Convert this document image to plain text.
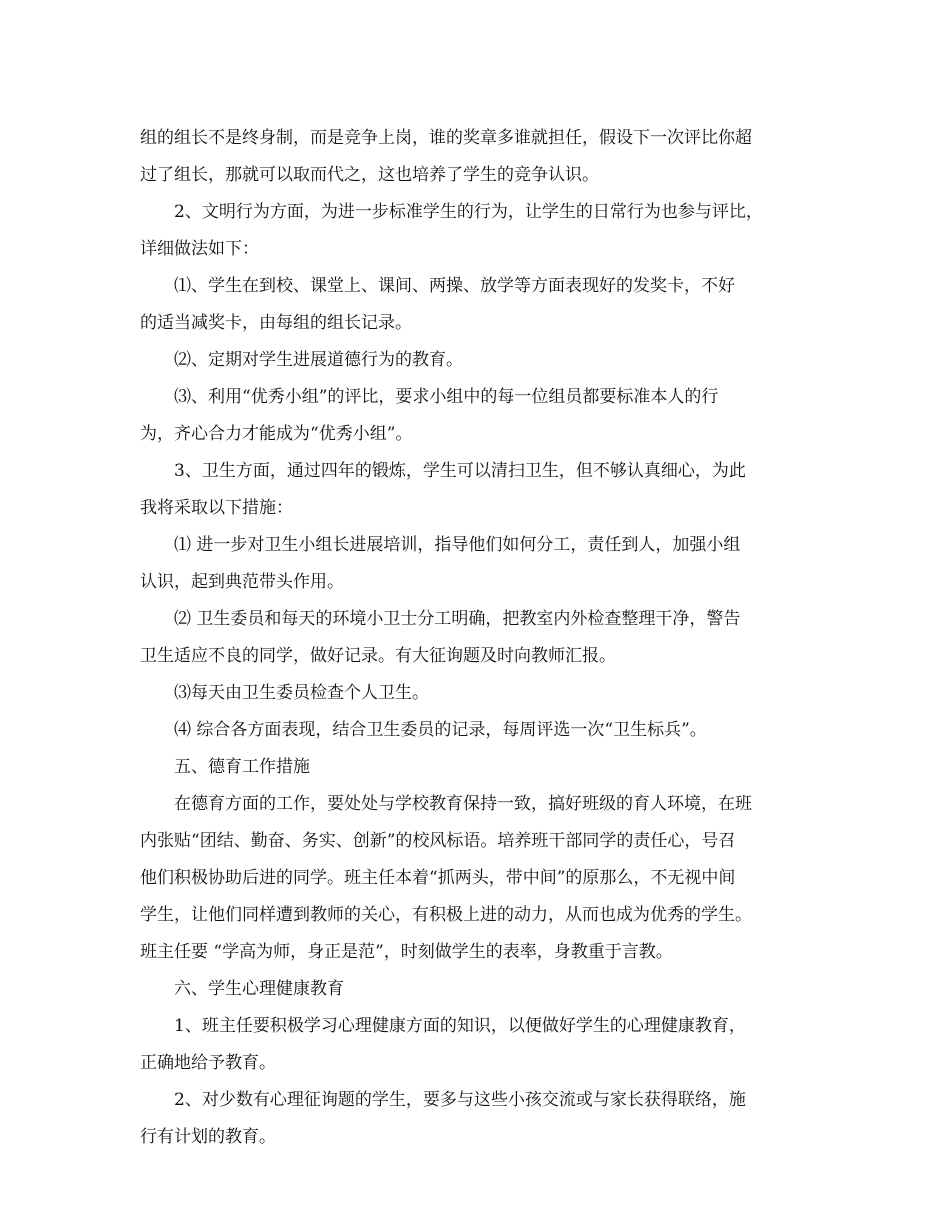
组的组长不是终身制，而是竞争上岗，谁的奖章多谁就担任，假设下一次评比你超
过了组长，那就可以取而代之，这也培养了学生的竞争认识。
2、文明行为方面，为进一步标准学生的行为，让学生的日常行为也参与评比，
详细做法如下：
⑴、学生在到校、课堂上、课间、两操、放学等方面表现好的发奖卡，不好
的适当减奖卡，由每组的组长记录。
⑵、定期对学生进展道德行为的教育。
⑶、利用“优秀小组”的评比，要求小组中的每一位组员都要标准本人的行
为，齐心合力才能成为“优秀小组”。
3、卫生方面，通过四年的锻炼，学生可以清扫卫生，但不够认真细心，为此
我将采取以下措施：
⑴ 进一步对卫生小组长进展培训，指导他们如何分工，责任到人，加强小组
认识，起到典范带头作用。
⑵ 卫生委员和每天的环境小卫士分工明确，把教室内外检查整理干净，警告
卫生适应不良的同学，做好记录。有大征询题及时向教师汇报。
⑶每天由卫生委员检查个人卫生。
⑷ 综合各方面表现，结合卫生委员的记录，每周评选一次“卫生标兵”。
五、德育工作措施
在德育方面的工作，要处处与学校教育保持一致，搞好班级的育人环境，在班
内张贴“团结、勤奋、务实、创新”的校风标语。培养班干部同学的责任心，号召
他们积极协助后进的同学。班主任本着“抓两头，带中间”的原那么，不无视中间
学生，让他们同样遭到教师的关心，有积极上进的动力，从而也成为优秀的学生。
班主任要 “学高为师，身正是范”，时刻做学生的表率，身教重于言教。
六、学生心理健康教育
1、班主任要积极学习心理健康方面的知识，以便做好学生的心理健康教育，
正确地给予教育。
2、对少数有心理征询题的学生，要多与这些小孩交流或与家长获得联络，施
行有计划的教育。
